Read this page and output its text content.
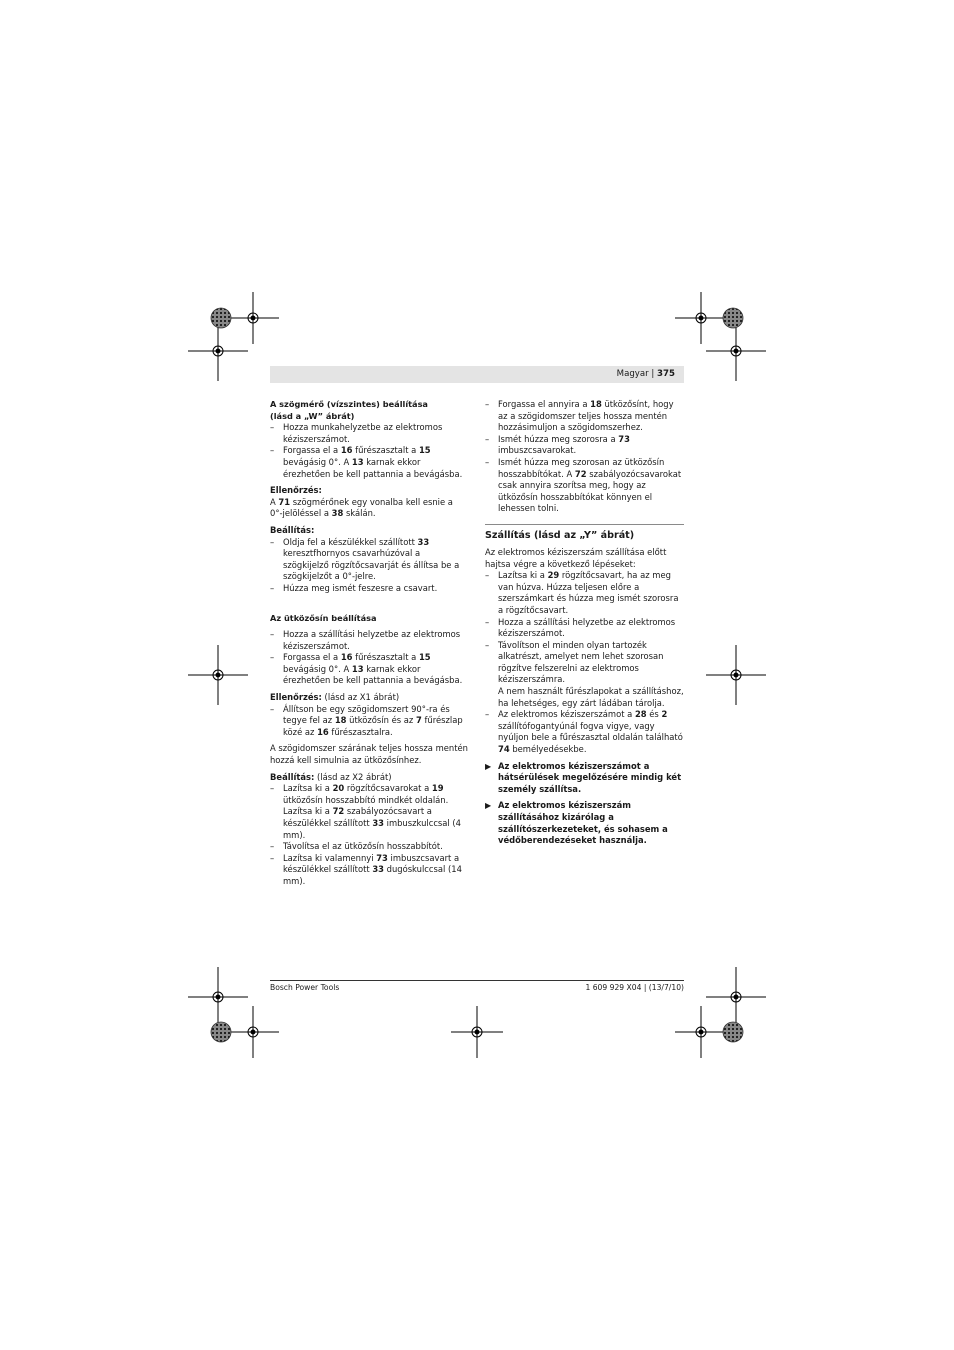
Magyar | 375

A szögmérő (vízszintes) beállítása
(lásd a „W” ábrát)

– Hozza munkahelyzetbe az elektromos kéziszerszámot.

– Forgassa el a 16 fűrészasztalt a 15 bevágásig 0°. A 13 karnak ekkor érezhetően be kell pattannia a bevágásba.

Ellenőrzés:

A 71 szögmérőnek egy vonalba kell esnie a 0°-jelöléssel a 38 skálán.

Beállítás:

– Oldja fel a készülékkel szállított 33 keresztfhornyos csavarhúzóval a szögkijelző rögzítőcsavarját és állítsa be a szögkijelzőt a 0°-jelre.

– Húzza meg ismét feszesre a csavart.

Az ütközősín beállítása

– Hozza a szállítási helyzetbe az elektromos kéziszerszámot.

– Forgassa el a 16 fűrészasztalt a 15 bevágásig 0°. A 13 karnak ekkor érezhetően be kell pattannia a bevágásba.

Ellenőrzés: (lásd az X1 ábrát)

– Állítson be egy szögidomszert 90°-ra és tegye fel az 18 ütközősín és az 7 fűrészlap közé az 16 fűrészasztalra.

A szögidomszer szárának teljes hossza mentén hozzá kell simulnia az ütközősínhez.

Beállítás: (lásd az X2 ábrát)

– Lazítsa ki a 20 rögzítőcsavarokat a 19 ütközősín hosszabbító mindkét oldalán. Lazítsa ki a 72 szabályozócsavart a készülékkel szállított 33 imbuszkulccsal (4 mm).

– Távolítsa el az ütközősín hosszabbítót.

– Lazítsa ki valamennyi 73 imbuszcsavart a készülékkel szállított 33 dugóskulccsal (14 mm).

– Forgassa el annyira a 18 ütközősínt, hogy az a szögidomszer teljes hossza mentén hozzásimuljon a szögidomszerhez.

– Ismét húzza meg szorosra a 73 imbuszcsavarokat.

– Ismét húzza meg szorosan az ütközősín hosszabbítókat. A 72 szabályozócsavarokat csak annyira szorítsa meg, hogy az ütközősín hosszabbítókat könnyen el lehessen tolni.

Szállítás (lásd az „Y” ábrát)

Az elektromos kéziszerszám szállítása előtt hajtsa végre a következő lépéseket:

– Lazítsa ki a 29 rögzítőcsavart, ha az meg van húzva. Húzza teljesen előre a szerszámkart és húzza meg ismét szorosra a rögzítőcsavart.

– Hozza a szállítási helyzetbe az elektromos kéziszerszámot.

– Távolítson el minden olyan tartozék alkatrészt, amelyet nem lehet szorosan rögzítve felszerelni az elektromos kéziszerszámra.

A nem használt fűrészlapokat a szállításhoz, ha lehetséges, egy zárt ládában tárolja.

– Az elektromos kéziszerszámot a 28 és 2 szállítófogantyúnál fogva vigye, vagy nyúljon bele a fűrészasztal oldalán található 74 bemélyedésekbe.

▶ Az elektromos kéziszerszámot a hátsérülések megelőzésére mindig két személy szállítsa.

▶ Az elektromos kéziszerszám szállításához kizárólag a szállítószerkezeteket, és sohasem a védőberendezéseket használja.

Bosch Power Tools	1 609 929 X04 | (13/7/10)
